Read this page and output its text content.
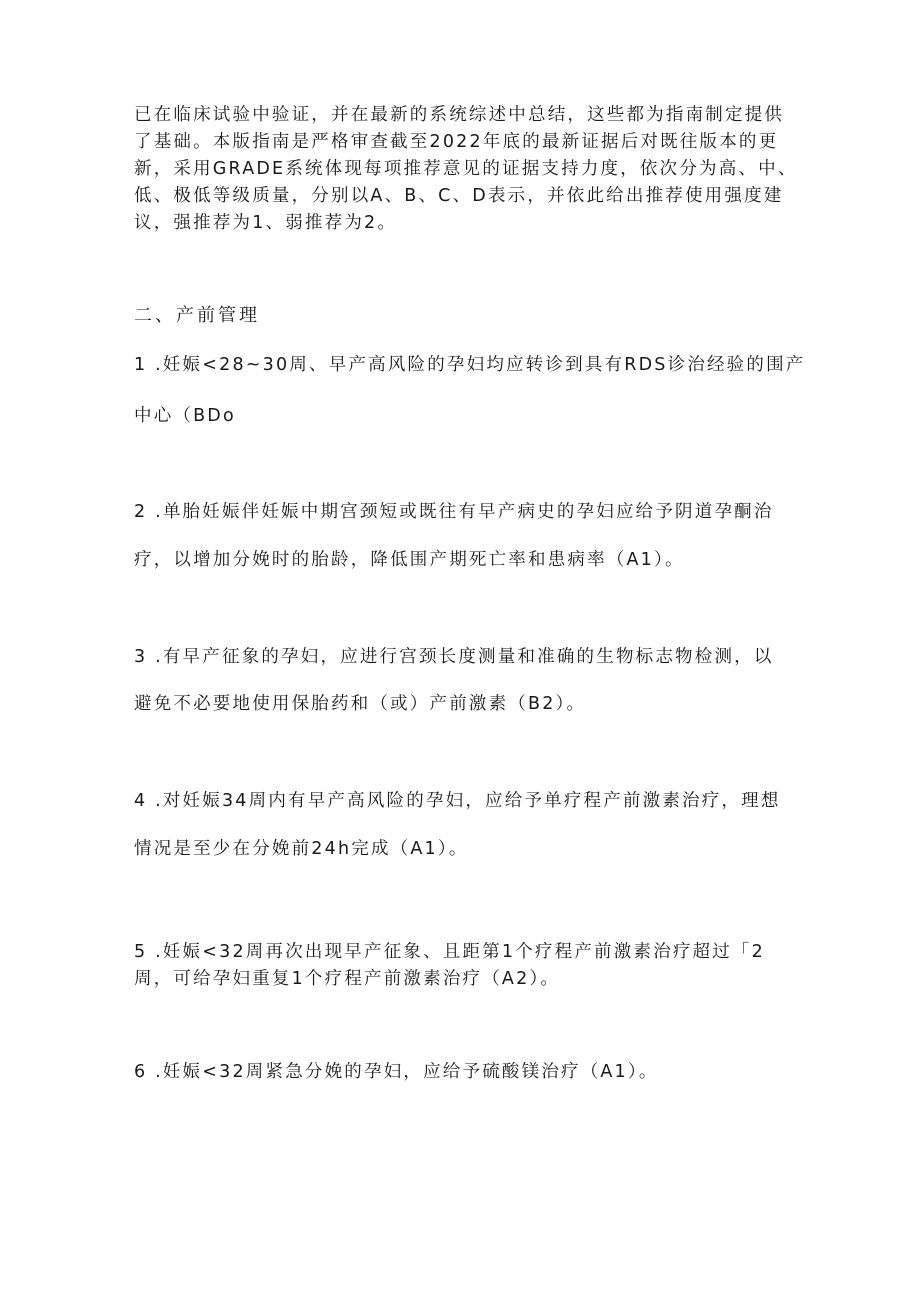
已在临床试验中验证，并在最新的系统综述中总结，这些都为指南制定提供
了基础。本版指南是严格审查截至2022年底的最新证据后对既往版本的更
新，采用GRADE系统体现每项推荐意见的证据支持力度，依次分为高、中、
低、极低等级质量，分别以A、B、C、D表示，并依此给出推荐使用强度建
议，强推荐为1、弱推荐为2。
二、产前管理
1 .妊娠<28~30周、早产高风险的孕妇均应转诊到具有RDS诊治经验的围产
中心（BDo
2 .单胎妊娠伴妊娠中期宫颈短或既往有早产病史的孕妇应给予阴道孕酮治
疗，以增加分娩时的胎龄，降低围产期死亡率和患病率（A1）。
3 .有早产征象的孕妇，应进行宫颈长度测量和准确的生物标志物检测，以
避免不必要地使用保胎药和（或）产前激素（B2）。
4 .对妊娠34周内有早产高风险的孕妇，应给予单疗程产前激素治疗，理想
情况是至少在分娩前24h完成（A1）。
5 .妊娠<32周再次出现早产征象、且距第1个疗程产前激素治疗超过「2
周，可给孕妇重复1个疗程产前激素治疗（A2）。
6 .妊娠<32周紧急分娩的孕妇，应给予硫酸镁治疗（A1）。
